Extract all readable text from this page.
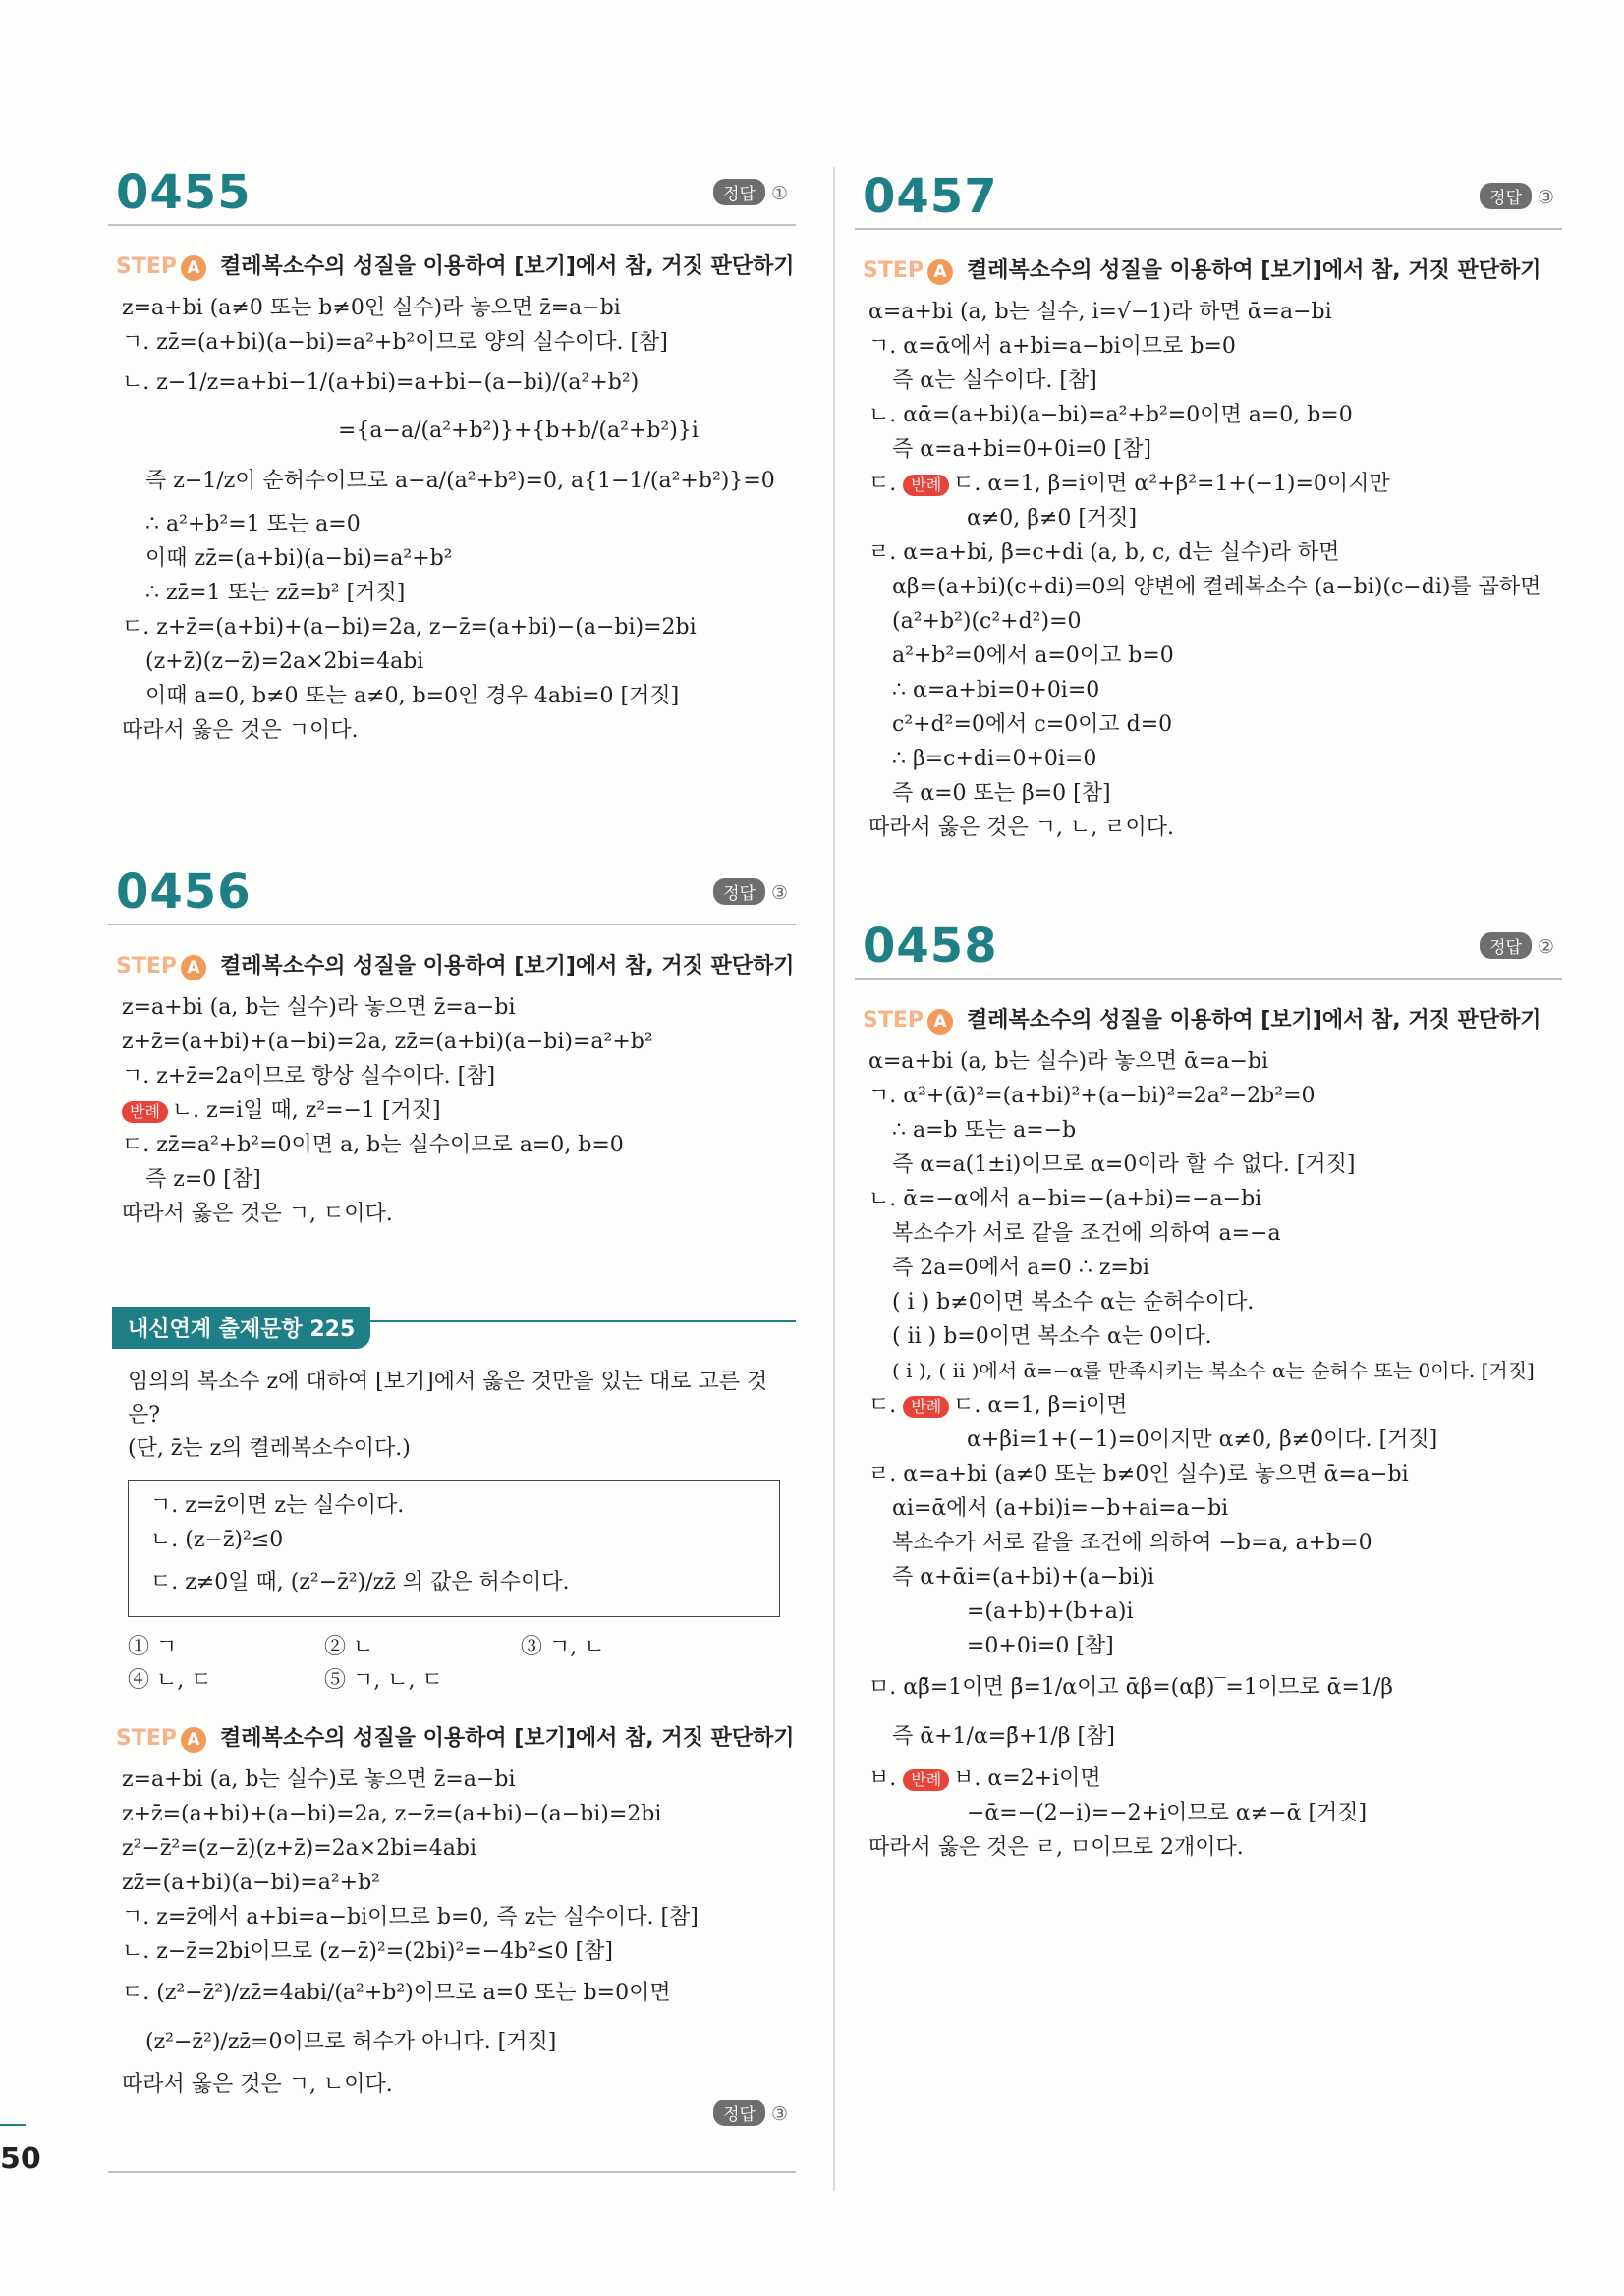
50
0455	정답 ①
STEP A 켤레복소수의 성질을 이용하여 [보기]에서 참, 거짓 판단하기
z=a+bi (a≠0 또는 b≠0인 실수)라 놓으면 z̄=a−bi
ㄱ. zz̄=(a+bi)(a−bi)=a²+b²이므로 양의 실수이다. [참]
ㄴ. z−1/z=a+bi−1/(a+bi)=a+bi−(a−bi)/(a²+b²)
={a−a/(a²+b²)}+{b+b/(a²+b²)}i
즉 z−1/z이 순허수이므로 a−a/(a²+b²)=0, a{1−1/(a²+b²)}=0
∴ a²+b²=1 또는 a=0
이때 zz̄=(a+bi)(a−bi)=a²+b²
∴ zz̄=1 또는 zz̄=b² [거짓]
ㄷ. z+z̄=(a+bi)+(a−bi)=2a, z−z̄=(a+bi)−(a−bi)=2bi
(z+z̄)(z−z̄)=2a×2bi=4abi
이때 a=0, b≠0 또는 a≠0, b=0인 경우 4abi=0 [거짓]
따라서 옳은 것은 ㄱ이다.
0456	정답 ③
STEP A 켤레복소수의 성질을 이용하여 [보기]에서 참, 거짓 판단하기
z=a+bi (a, b는 실수)라 놓으면 z̄=a−bi
z+z̄=(a+bi)+(a−bi)=2a, zz̄=(a+bi)(a−bi)=a²+b²
ㄱ. z+z̄=2a이므로 항상 실수이다. [참]
반례 ㄴ. z=i일 때, z²=−1 [거짓]
ㄷ. zz̄=a²+b²=0이면 a, b는 실수이므로 a=0, b=0
즉 z=0 [참]
따라서 옳은 것은 ㄱ, ㄷ이다.
내신연계 출제문항 225
임의의 복소수 z에 대하여 [보기]에서 옳은 것만을 있는 대로 고른 것은?
(단, z̄는 z의 켤레복소수이다.)
ㄱ. z=z̄이면 z는 실수이다.
ㄴ. (z−z̄)²≤0
ㄷ. z≠0일 때, (z²−z̄²)/zz̄ 의 값은 허수이다.
① ㄱ	② ㄴ	③ ㄱ, ㄴ
④ ㄴ, ㄷ	⑤ ㄱ, ㄴ, ㄷ
STEP A 켤레복소수의 성질을 이용하여 [보기]에서 참, 거짓 판단하기
z=a+bi (a, b는 실수)로 놓으면 z̄=a−bi
z+z̄=(a+bi)+(a−bi)=2a, z−z̄=(a+bi)−(a−bi)=2bi
z²−z̄²=(z−z̄)(z+z̄)=2a×2bi=4abi
zz̄=(a+bi)(a−bi)=a²+b²
ㄱ. z=z̄에서 a+bi=a−bi이므로 b=0, 즉 z는 실수이다. [참]
ㄴ. z−z̄=2bi이므로 (z−z̄)²=(2bi)²=−4b²≤0 [참]
ㄷ. (z²−z̄²)/zz̄=4abi/(a²+b²)이므로 a=0 또는 b=0이면
(z²−z̄²)/zz̄=0이므로 허수가 아니다. [거짓]
따라서 옳은 것은 ㄱ, ㄴ이다.
정답 ③
0457	정답 ③
STEP A 켤레복소수의 성질을 이용하여 [보기]에서 참, 거짓 판단하기
α=a+bi (a, b는 실수, i=√−1)라 하면 ᾱ=a−bi
ㄱ. α=ᾱ에서 a+bi=a−bi이므로 b=0
즉 α는 실수이다. [참]
ㄴ. αᾱ=(a+bi)(a−bi)=a²+b²=0이면 a=0, b=0
즉 α=a+bi=0+0i=0 [참]
ㄷ. 반례 ㄷ. α=1, β=i이면 α²+β²=1+(−1)=0이지만
α≠0, β≠0 [거짓]
ㄹ. α=a+bi, β=c+di (a, b, c, d는 실수)라 하면
αβ=(a+bi)(c+di)=0의 양변에 켤레복소수 (a−bi)(c−di)를 곱하면
(a²+b²)(c²+d²)=0
a²+b²=0에서 a=0이고 b=0
∴ α=a+bi=0+0i=0
c²+d²=0에서 c=0이고 d=0
∴ β=c+di=0+0i=0
즉 α=0 또는 β=0 [참]
따라서 옳은 것은 ㄱ, ㄴ, ㄹ이다.
0458	정답 ②
STEP A 켤레복소수의 성질을 이용하여 [보기]에서 참, 거짓 판단하기
α=a+bi (a, b는 실수)라 놓으면 ᾱ=a−bi
ㄱ. α²+(ᾱ)²=(a+bi)²+(a−bi)²=2a²−2b²=0
∴ a=b 또는 a=−b
즉 α=a(1±i)이므로 α=0이라 할 수 없다. [거짓]
ㄴ. ᾱ=−α에서 a−bi=−(a+bi)=−a−bi
복소수가 서로 같을 조건에 의하여 a=−a
즉 2a=0에서 a=0 ∴ z=bi
( i ) b≠0이면 복소수 α는 순허수이다.
( ii ) b=0이면 복소수 α는 0이다.
( i ), ( ii )에서 ᾱ=−α를 만족시키는 복소수 α는 순허수 또는 0이다. [거짓]
ㄷ. 반례 ㄷ. α=1, β=i이면
α+βi=1+(−1)=0이지만 α≠0, β≠0이다. [거짓]
ㄹ. α=a+bi (a≠0 또는 b≠0인 실수)로 놓으면 ᾱ=a−bi
αi=ᾱ에서 (a+bi)i=−b+ai=a−bi
복소수가 서로 같을 조건에 의하여 −b=a, a+b=0
즉 α+ᾱi=(a+bi)+(a−bi)i
=(a+b)+(b+a)i
=0+0i=0 [참]
ㅁ. αβ̄=1이면 β̄=1/α이고 ᾱβ=(αβ̄)‾=1이므로 ᾱ=1/β
즉 ᾱ+1/α=β̄+1/β [참]
ㅂ. 반례 ㅂ. α=2+i이면
−ᾱ=−(2−i)=−2+i이므로 α≠−ᾱ [거짓]
따라서 옳은 것은 ㄹ, ㅁ이므로 2개이다.
